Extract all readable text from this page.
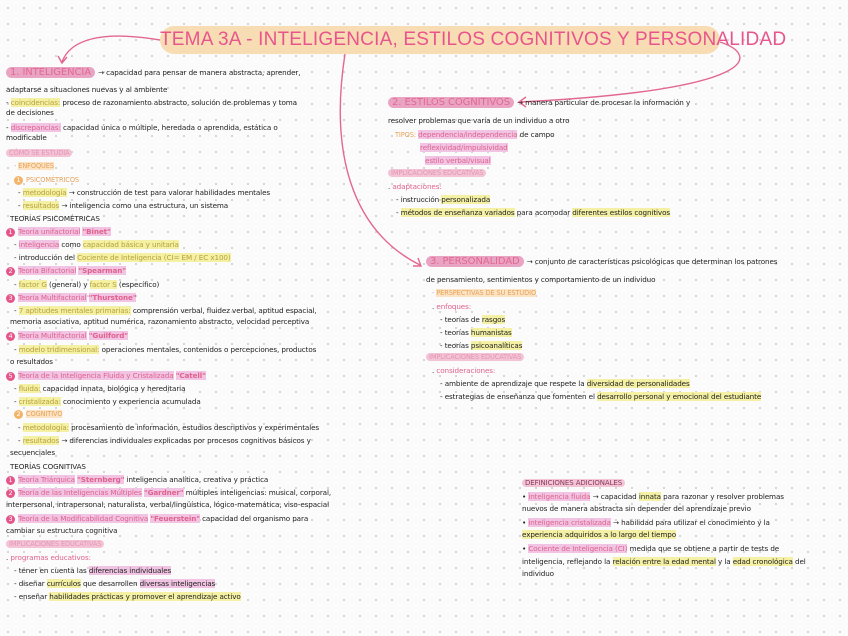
TEMA 3A - INTELIGENCIA, ESTILOS COGNITIVOS Y PERSONALIDAD
1. INTELIGENCIA → capacidad para pensar de manera abstracta, aprender,
adaptarse a situaciones nuevas y al ambiente
- coincidencias: proceso de razonamiento abstracto, solución de problemas y toma
de decisiones
- discrepancias: capacidad única o múltiple, heredada o aprendida, estática o
modificable
CÓMO SE ESTUDIA
- ENFOQUES
1 PSICOMÉTRICOS
- metodología → construcción de test para valorar habilidades mentales
- resultados → inteligencia como una estructura, un sistema
TEORÍAS PSICOMÉTRICAS
1 Teoría unifactorial "Binet"
- inteligencia como capacidad básica y unitaria
- introducción del Cociente de Inteligencia (CI= EM / EC x100)
2 Teoría Bifactorial "Spearman"
- factor G (general) y factor S (específico)
3 Teoría Multifactorial "Thurstone"
- 7 aptitudes mentales primarias: comprensión verbal, fluidez verbal, aptitud espacial,
memoria asociativa, aptitud numérica, razonamiento abstracto, velocidad perceptiva
4 Teoría Multifactorial "Guilford"
- modelo tridimensional: operaciones mentales, contenidos o percepciones, productos
o resultados
5 Teoría de la Inteligencia Fluida y Cristalizada "Catell"
- fluida: capacidad innata, biológica y hereditaria
- cristalizada: conocimiento y experiencia acumulada
2 COGNITIVO
- metodología: procesamiento de información, estudios descriptivos y experimentales
- resultados → diferencias individuales explicadas por procesos cognitivos básicos y
secuenciales
TEORÍAS COGNITIVAS
1 Teoría Triárquica "Sternberg" inteligencia analítica, creativa y práctica
2 Teoría de las Inteligencias Múltiples "Gardner" múltiples inteligencias: musical, corporal,
interpersonal, intrapersonal, naturalista, verbal/lingüística, lógico-matemática, viso-espacial
3 Teoría de la Modificabilidad Cognitiva "Feuerstein" capacidad del organismo para
cambiar su estructura cognitiva
IMPLICACIONES EDUCATIVAS
. programas educativos:
- tener en cuenta las diferencias individuales
- diseñar currículos que desarrollen diversas inteligencias
- enseñar habilidades prácticas y promover el aprendizaje activo
2. ESTILOS COGNITIVOS → manera particular de procesar la información y
resolver problemas que varía de un individuo a otro
TIPOS: dependencia/independencia de campo
reflexividad/impulsividad
estilo verbal/visual
IMPLICACIONES EDUCATIVAS
. adaptaciones:
- instrucción personalizada
- métodos de enseñanza variados para acomodar diferentes estilos cognitivos
3. PERSONALIDAD → conjunto de características psicológicas que determinan los patrones
de pensamiento, sentimientos y comportamiento de un individuo
- PERSPECTIVAS DE SU ESTUDIO
. enfoques:
- teorías de rasgos
- teorías humanistas
- teorías psicoanalíticas
IMPLICACIONES EDUCATIVAS
. consideraciones:
- ambiente de aprendizaje que respete la diversidad de personalidades
- estrategias de enseñanza que fomenten el desarrollo personal y emocional del estudiante
DEFINICIONES ADICIONALES
• inteligencia fluida → capacidad innata para razonar y resolver problemas
nuevos de manera abstracta sin depender del aprendizaje previo
• inteligencia cristalizada → habilidad para utilizar el conocimiento y la
experiencia adquiridos a lo largo del tiempo
• Cociente de Inteligencia (CI) medida que se obtiene a partir de tests de
inteligencia, reflejando la relación entre la edad mental y la edad cronológica del
individuo
